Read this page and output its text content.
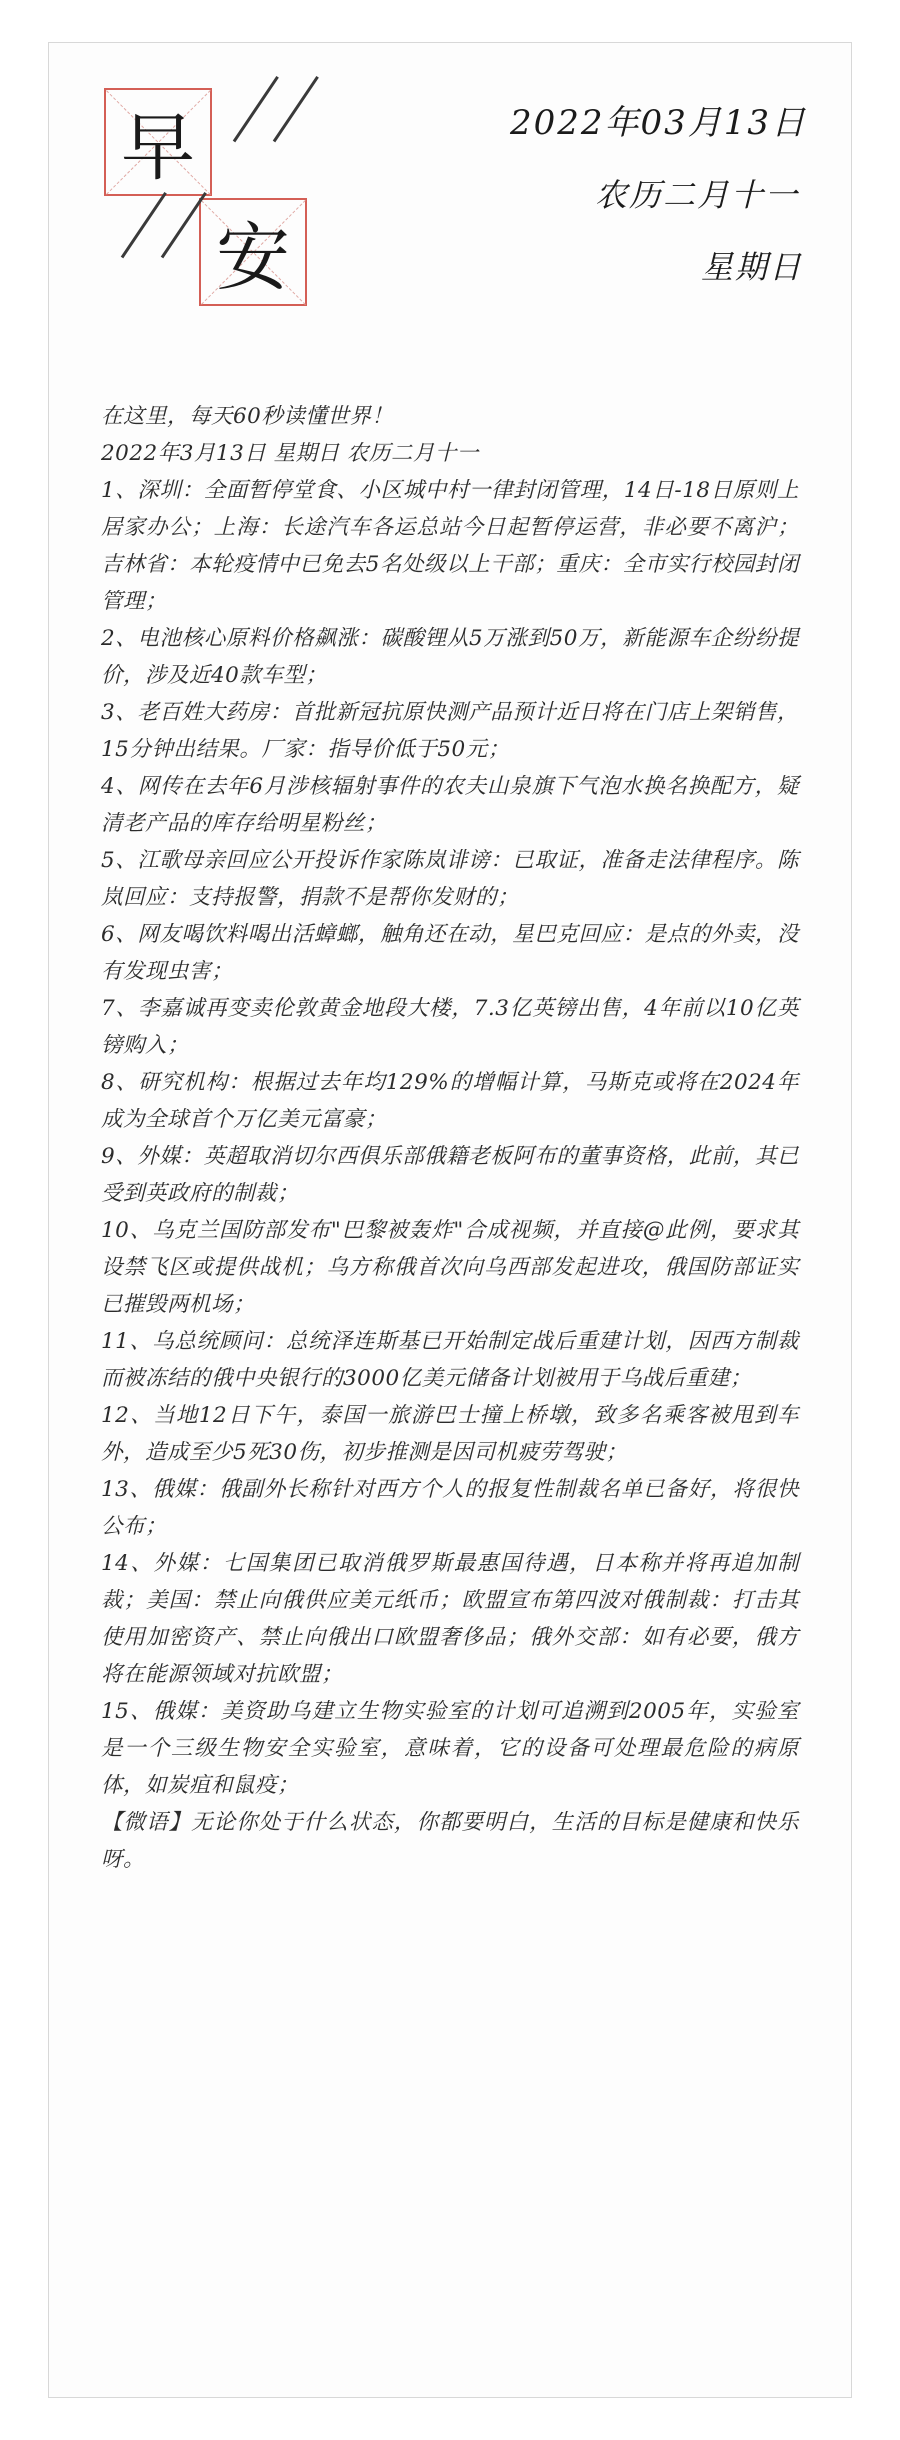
早
安
2022年03月13日
农历二月十一
星期日

在这里，每天60秒读懂世界！

2022年3月13日 星期日 农历二月十一

1、深圳：全面暂停堂食、小区城中村一律封闭管理，14日-18日原则上居家办公；上海：长途汽车各运总站今日起暂停运营，非必要不离沪；吉林省：本轮疫情中已免去5名处级以上干部；重庆：全市实行校园封闭管理；

2、电池核心原料价格飙涨：碳酸锂从5万涨到50万，新能源车企纷纷提价，涉及近40款车型；

3、老百姓大药房：首批新冠抗原快测产品预计近日将在门店上架销售，15分钟出结果。厂家：指导价低于50元；

4、网传在去年6月涉核辐射事件的农夫山泉旗下气泡水换名换配方，疑清老产品的库存给明星粉丝；

5、江歌母亲回应公开投诉作家陈岚诽谤：已取证，准备走法律程序。陈岚回应：支持报警，捐款不是帮你发财的；

6、网友喝饮料喝出活蟑螂，触角还在动，星巴克回应：是点的外卖，没有发现虫害；

7、李嘉诚再变卖伦敦黄金地段大楼，7.3亿英镑出售，4年前以10亿英镑购入；

8、研究机构：根据过去年均129%的增幅计算，马斯克或将在2024年成为全球首个万亿美元富豪；

9、外媒：英超取消切尔西俱乐部俄籍老板阿布的董事资格，此前，其已受到英政府的制裁；

10、乌克兰国防部发布"巴黎被轰炸"合成视频，并直接@此例，要求其设禁飞区或提供战机；乌方称俄首次向乌西部发起进攻，俄国防部证实已摧毁两机场；

11、乌总统顾问：总统泽连斯基已开始制定战后重建计划，因西方制裁而被冻结的俄中央银行的3000亿美元储备计划被用于乌战后重建；

12、当地12日下午，泰国一旅游巴士撞上桥墩，致多名乘客被甩到车外，造成至少5死30伤，初步推测是因司机疲劳驾驶；

13、俄媒：俄副外长称针对西方个人的报复性制裁名单已备好，将很快公布；

14、外媒：七国集团已取消俄罗斯最惠国待遇，日本称并将再追加制裁；美国：禁止向俄供应美元纸币；欧盟宣布第四波对俄制裁：打击其使用加密资产、禁止向俄出口欧盟奢侈品；俄外交部：如有必要，俄方将在能源领域对抗欧盟；

15、俄媒：美资助乌建立生物实验室的计划可追溯到2005年，实验室是一个三级生物安全实验室，意味着，它的设备可处理最危险的病原体，如炭疽和鼠疫；

【微语】无论你处于什么状态，你都要明白，生活的目标是健康和快乐呀。
